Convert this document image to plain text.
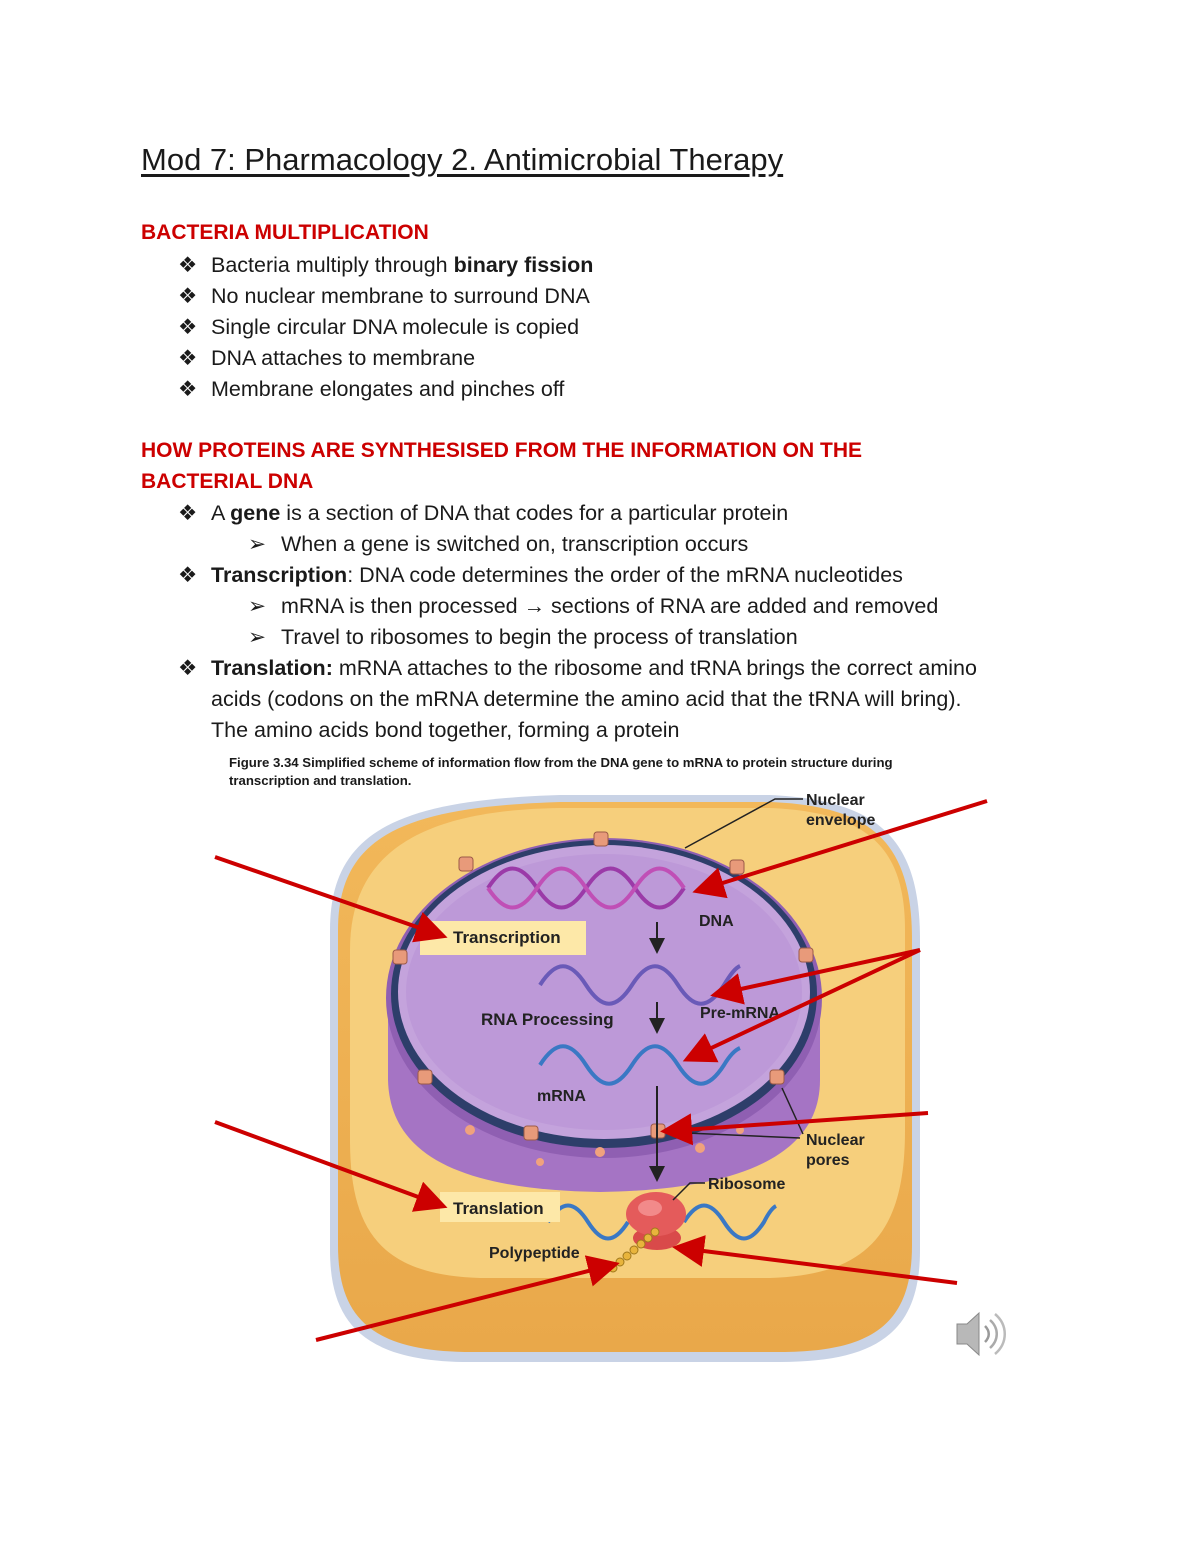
Mod 7: Pharmacology 2. Antimicrobial Therapy
BACTERIA MULTIPLICATION
❖ Bacteria multiply through binary fission
❖ No nuclear membrane to surround DNA
❖ Single circular DNA molecule is copied
❖ DNA attaches to membrane
❖ Membrane elongates and pinches off
HOW PROTEINS ARE SYNTHESISED FROM THE INFORMATION ON THE
BACTERIAL DNA
❖ A gene is a section of DNA that codes for a particular protein
➢ When a gene is switched on, transcription occurs
❖ Transcription: DNA code determines the order of the mRNA nucleotides
➢ mRNA is then processed → sections of RNA are added and removed
➢ Travel to ribosomes to begin the process of translation
❖ Translation: mRNA attaches to the ribosome and tRNA brings the correct amino
acids (codons on the mRNA determine the amino acid that the tRNA will bring).
The amino acids bond together, forming a protein
Figure 3.34 Simplified scheme of information flow from the DNA gene to mRNA to protein structure during
transcription and translation.
Nuclear
envelope
DNA
Transcription
Pre-mRNA
RNA Processing
mRNA
Nuclear
pores
Ribosome
Translation
Polypeptide
